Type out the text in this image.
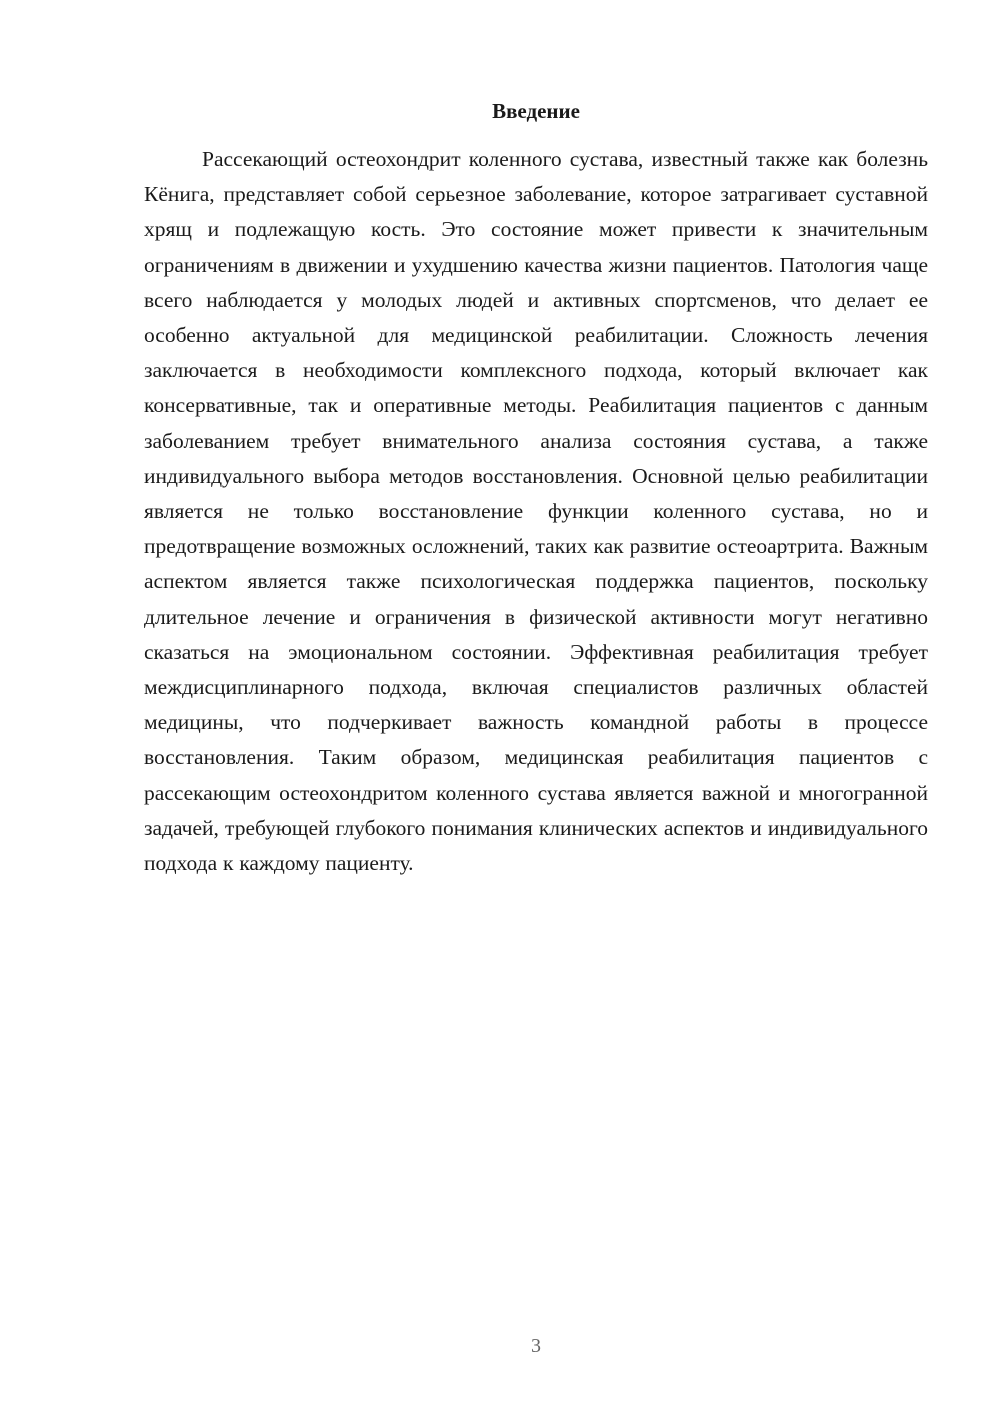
Введение

Рассекающий остеохондрит коленного сустава, известный также как болезнь Кёнига, представляет собой серьезное заболевание, которое затрагивает суставной хрящ и подлежащую кость. Это состояние может привести к значительным ограничениям в движении и ухудшению качества жизни пациентов. Патология чаще всего наблюдается у молодых людей и активных спортсменов, что делает ее особенно актуальной для медицинской реабилитации. Сложность лечения заключается в необходимости комплексного подхода, который включает как консервативные, так и оперативные методы. Реабилитация пациентов с данным заболеванием требует внимательного анализа состояния сустава, а также индивидуального выбора методов восстановления. Основной целью реабилитации является не только восстановление функции коленного сустава, но и предотвращение возможных осложнений, таких как развитие остеоартрита. Важным аспектом является также психологическая поддержка пациентов, поскольку длительное лечение и ограничения в физической активности могут негативно сказаться на эмоциональном состоянии. Эффективная реабилитация требует междисциплинарного подхода, включая специалистов различных областей медицины, что подчеркивает важность командной работы в процессе восстановления. Таким образом, медицинская реабилитация пациентов с рассекающим остеохондритом коленного сустава является важной и многогранной задачей, требующей глубокого понимания клинических аспектов и индивидуального подхода к каждому пациенту.

3
